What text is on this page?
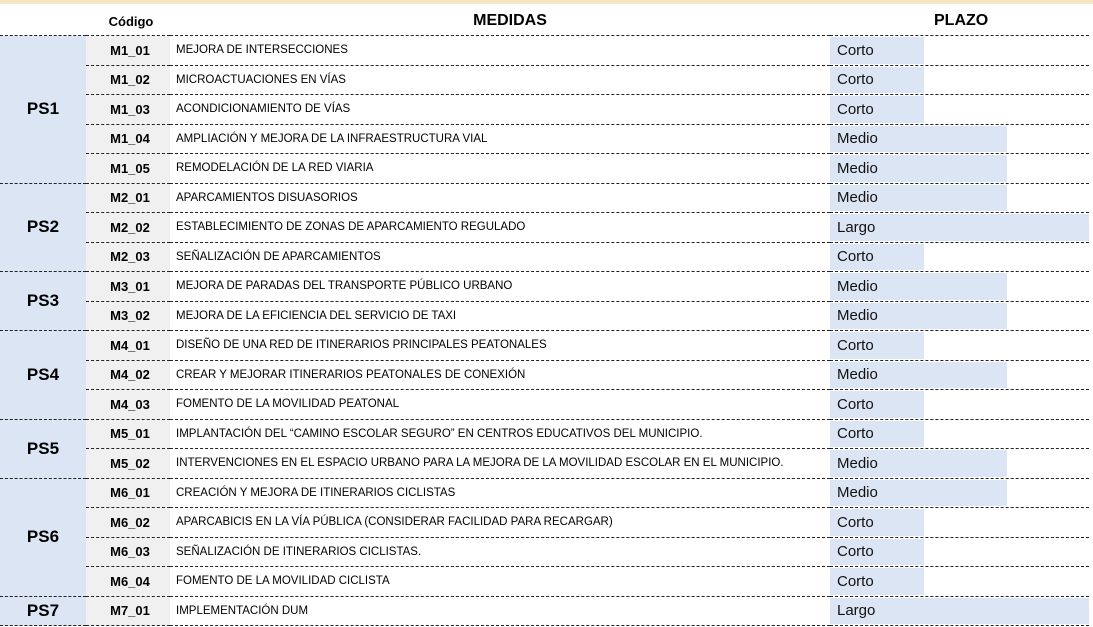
	Código	MEDIDAS	PLAZO
PS1	M1_01	MEJORA DE INTERSECCIONES	Corto
	M1_02	MICROACTUACIONES EN VÍAS	Corto
	M1_03	ACONDICIONAMIENTO DE VÍAS	Corto
	M1_04	AMPLIACIÓN Y MEJORA DE LA INFRAESTRUCTURA VIAL	Medio
	M1_05	REMODELACIÓN DE LA RED VIARIA	Medio
PS2	M2_01	APARCAMIENTOS DISUASORIOS	Medio
	M2_02	ESTABLECIMIENTO DE ZONAS DE APARCAMIENTO REGULADO	Largo
	M2_03	SEÑALIZACIÓN DE APARCAMIENTOS	Corto
PS3	M3_01	MEJORA DE PARADAS DEL TRANSPORTE PÚBLICO URBANO	Medio
	M3_02	MEJORA DE LA EFICIENCIA DEL SERVICIO DE TAXI	Medio
PS4	M4_01	DISEÑO DE UNA RED DE ITINERARIOS PRINCIPALES PEATONALES	Corto
	M4_02	CREAR Y MEJORAR ITINERARIOS PEATONALES DE CONEXIÓN	Medio
	M4_03	FOMENTO DE LA MOVILIDAD PEATONAL	Corto
PS5	M5_01	IMPLANTACIÓN DEL “CAMINO ESCOLAR SEGURO” EN CENTROS EDUCATIVOS DEL MUNICIPIO.	Corto
	M5_02	INTERVENCIONES EN EL ESPACIO URBANO PARA LA MEJORA DE LA MOVILIDAD ESCOLAR EN EL MUNICIPIO.	Medio
PS6	M6_01	CREACIÓN Y MEJORA DE ITINERARIOS CICLISTAS	Medio
	M6_02	APARCABICIS EN LA VÍA PÚBLICA (CONSIDERAR FACILIDAD PARA RECARGAR)	Corto
	M6_03	SEÑALIZACIÓN DE ITINERARIOS CICLISTAS.	Corto
	M6_04	FOMENTO DE LA MOVILIDAD CICLISTA	Corto
PS7	M7_01	IMPLEMENTACIÓN DUM	Largo
